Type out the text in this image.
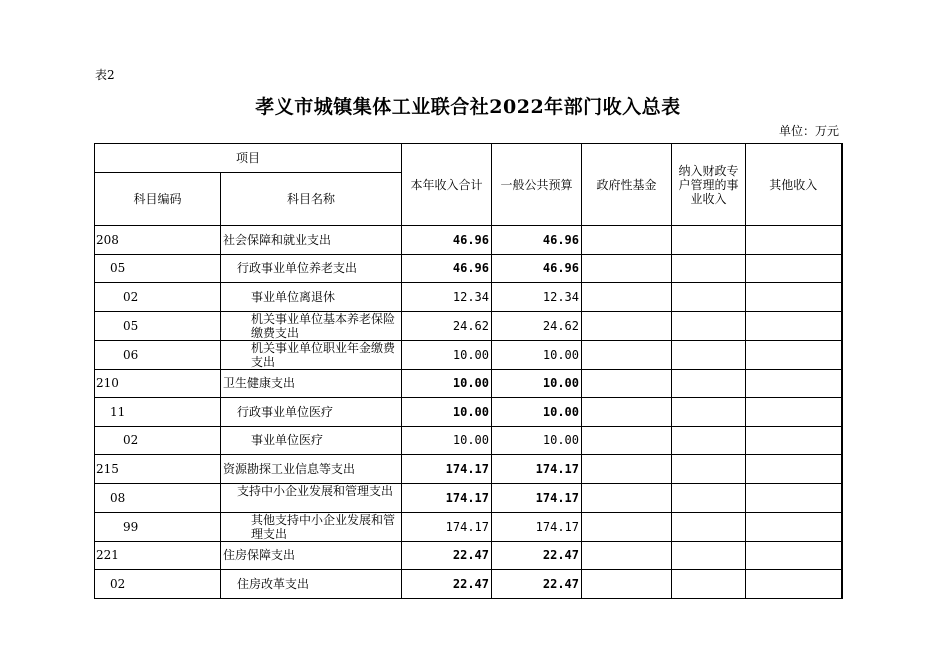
表2
孝义市城镇集体工业联合社2022年部门收入总表
单位：万元
项目		本年收入合计	一般公共预算	政府性基金	纳入财政专户管理的事业收入	其他收入
科目编码	科目名称					
208	社会保障和就业支出	46.96	46.96			
05	行政事业单位养老支出	46.96	46.96			
02	事业单位离退休	12.34	12.34			
05	机关事业单位基本养老保险缴费支出	24.62	24.62			
06	机关事业单位职业年金缴费支出	10.00	10.00			
210	卫生健康支出	10.00	10.00			
11	行政事业单位医疗	10.00	10.00			
02	事业单位医疗	10.00	10.00			
215	资源勘探工业信息等支出	174.17	174.17			
08	支持中小企业发展和管理支出	174.17	174.17			
99	其他支持中小企业发展和管理支出	174.17	174.17			
221	住房保障支出	22.47	22.47			
02	住房改革支出	22.47	22.47			
